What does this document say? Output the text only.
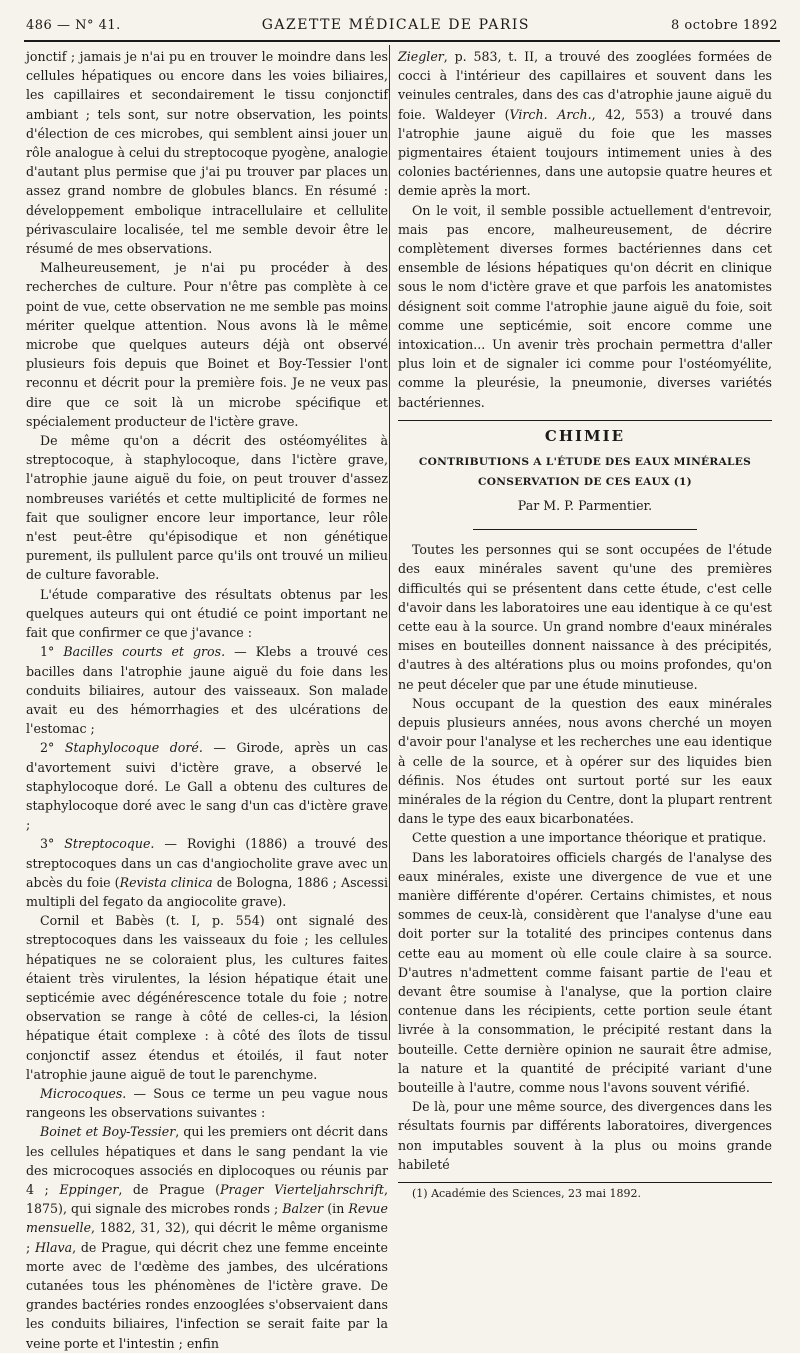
486 — N° 41.	GAZETTE MÉDICALE DE PARIS	8 octobre 1892

jonctif ; jamais je n'ai pu en trouver le moindre dans les cellules hépatiques ou encore dans les voies biliaires, les capillaires et secondairement le tissu conjonctif ambiant ; tels sont, sur notre observation, les points d'élection de ces microbes, qui semblent ainsi jouer un rôle analogue à celui du streptocoque pyogène, analogie d'autant plus permise que j'ai pu trouver par places un assez grand nombre de globules blancs. En résumé : développement embolique intracellulaire et cellulite périvasculaire localisée, tel me semble devoir être le résumé de mes observations.

Malheureusement, je n'ai pu procéder à des recherches de culture. Pour n'être pas complète à ce point de vue, cette observation ne me semble pas moins mériter quelque attention. Nous avons là le même microbe que quelques auteurs déjà ont observé plusieurs fois depuis que Boinet et Boy-Tessier l'ont reconnu et décrit pour la première fois. Je ne veux pas dire que ce soit là un microbe spécifique et spécialement producteur de l'ictère grave.

De même qu'on a décrit des ostéomyélites à streptocoque, à staphylocoque, dans l'ictère grave, l'atrophie jaune aiguë du foie, on peut trouver d'assez nombreuses variétés et cette multiplicité de formes ne fait que souligner encore leur importance, leur rôle n'est peut-être qu'épisodique et non génétique purement, ils pullulent parce qu'ils ont trouvé un milieu de culture favorable.

L'étude comparative des résultats obtenus par les quelques auteurs qui ont étudié ce point important ne fait que confirmer ce que j'avance :

1° Bacilles courts et gros. — Klebs a trouvé ces bacilles dans l'atrophie jaune aiguë du foie dans les conduits biliaires, autour des vaisseaux. Son malade avait eu des hémorrhagies et des ulcérations de l'estomac ;

2° Staphylocoque doré. — Girode, après un cas d'avortement suivi d'ictère grave, a observé le staphylocoque doré. Le Gall a obtenu des cultures de staphylocoque doré avec le sang d'un cas d'ictère grave ;

3° Streptocoque. — Rovighi (1886) a trouvé des streptocoques dans un cas d'angiocholite grave avec un abcès du foie (Revista clinica de Bologna, 1886 ; Ascessi multipli del fegato da angiocolite grave).

Cornil et Babès (t. I, p. 554) ont signalé des streptocoques dans les vaisseaux du foie ; les cellules hépatiques ne se coloraient plus, les cultures faites étaient très virulentes, la lésion hépatique était une septicémie avec dégénérescence totale du foie ; notre observation se range à côté de celles-ci, la lésion hépatique était complexe : à côté des îlots de tissu conjonctif assez étendus et étoilés, il faut noter l'atrophie jaune aiguë de tout le parenchyme.

Microcoques. — Sous ce terme un peu vague nous rangeons les observations suivantes :

Boinet et Boy-Tessier, qui les premiers ont décrit dans les cellules hépatiques et dans le sang pendant la vie des microcoques associés en diplocoques ou réunis par 4 ; Eppinger, de Prague (Prager Vierteljahrschrift, 1875), qui signale des microbes ronds ; Balzer (in Revue mensuelle, 1882, 31, 32), qui décrit le même organisme ; Hlava, de Prague, qui décrit chez une femme enceinte morte avec de l'œdème des jambes, des ulcérations cutanées tous les phénomènes de l'ictère grave. De grandes bactéries rondes enzooglées s'observaient dans les conduits biliaires, l'infection se serait faite par la veine porte et l'intestin ; enfin

Ziegler, p. 583, t. II, a trouvé des zooglées formées de cocci à l'intérieur des capillaires et souvent dans les veinules centrales, dans des cas d'atrophie jaune aiguë du foie. Waldeyer (Virch. Arch., 42, 553) a trouvé dans l'atrophie jaune aiguë du foie que les masses pigmentaires étaient toujours intimement unies à des colonies bactériennes, dans une autopsie quatre heures et demie après la mort.

On le voit, il semble possible actuellement d'entrevoir, mais pas encore, malheureusement, de décrire complètement diverses formes bactériennes dans cet ensemble de lésions hépatiques qu'on décrit en clinique sous le nom d'ictère grave et que parfois les anatomistes désignent soit comme l'atrophie jaune aiguë du foie, soit comme une septicémie, soit encore comme une intoxication... Un avenir très prochain permettra d'aller plus loin et de signaler ici comme pour l'ostéomyélite, comme la pleurésie, la pneumonie, diverses variétés bactériennes.

CHIMIE
CONTRIBUTIONS A L'ÉTUDE DES EAUX MINÉRALES
CONSERVATION DE CES EAUX (1)
Par M. P. Parmentier.

Toutes les personnes qui se sont occupées de l'étude des eaux minérales savent qu'une des premières difficultés qui se présentent dans cette étude, c'est celle d'avoir dans les laboratoires une eau identique à ce qu'est cette eau à la source. Un grand nombre d'eaux minérales mises en bouteilles donnent naissance à des précipités, d'autres à des altérations plus ou moins profondes, qu'on ne peut déceler que par une étude minutieuse.

Nous occupant de la question des eaux minérales depuis plusieurs années, nous avons cherché un moyen d'avoir pour l'analyse et les recherches une eau identique à celle de la source, et à opérer sur des liquides bien définis. Nos études ont surtout porté sur les eaux minérales de la région du Centre, dont la plupart rentrent dans le type des eaux bicarbonatées.

Cette question a une importance théorique et pratique.

Dans les laboratoires officiels chargés de l'analyse des eaux minérales, existe une divergence de vue et une manière différente d'opérer. Certains chimistes, et nous sommes de ceux-là, considèrent que l'analyse d'une eau doit porter sur la totalité des principes contenus dans cette eau au moment où elle coule claire à sa source. D'autres n'admettent comme faisant partie de l'eau et devant être soumise à l'analyse, que la portion claire contenue dans les récipients, cette portion seule étant livrée à la consommation, le précipité restant dans la bouteille. Cette dernière opinion ne saurait être admise, la nature et la quantité de précipité variant d'une bouteille à l'autre, comme nous l'avons souvent vérifié.

De là, pour une même source, des divergences dans les résultats fournis par différents laboratoires, divergences non imputables souvent à la plus ou moins grande habileté

(1) Académie des Sciences, 23 mai 1892.
